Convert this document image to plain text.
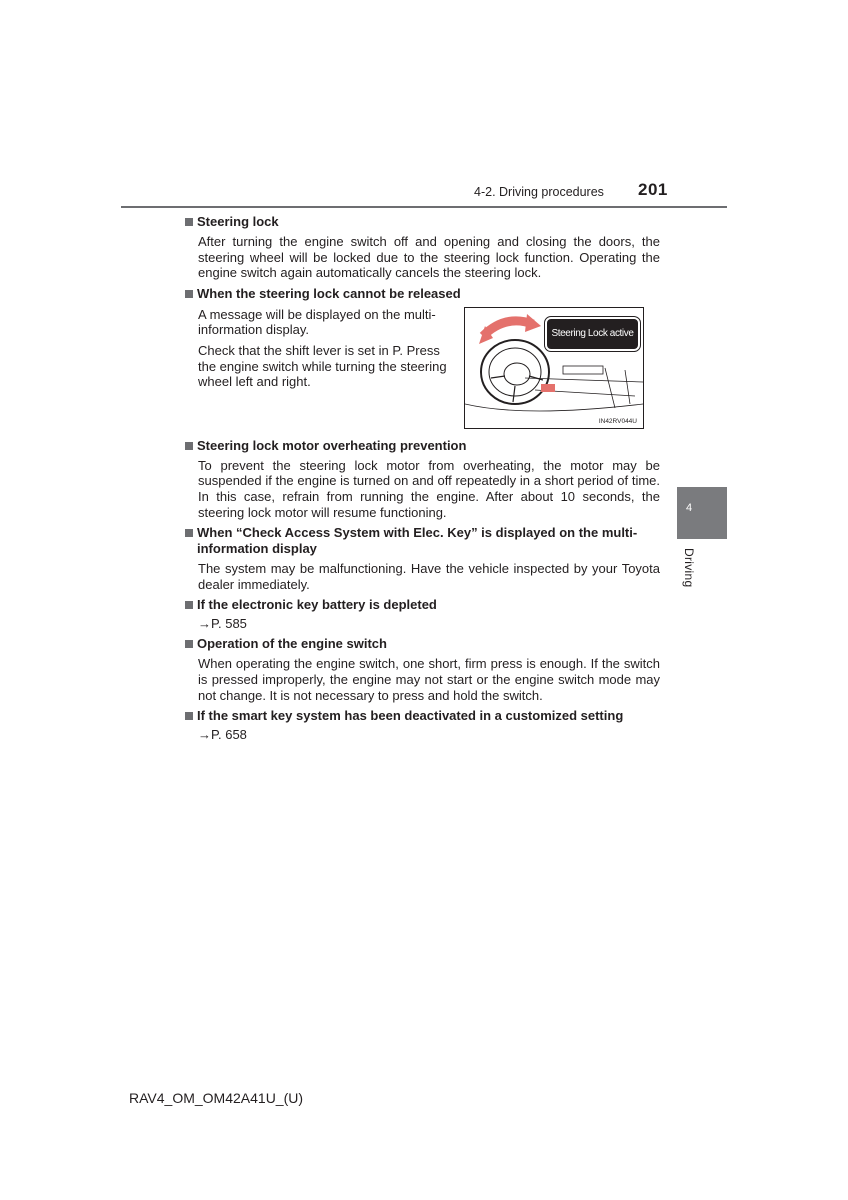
4-2. Driving procedures 201
4
Driving
Steering lock
After turning the engine switch off and opening and closing the doors, the steering wheel will be locked due to the steering lock function. Operating the engine switch again automatically cancels the steering lock.
When the steering lock cannot be released
A message will be displayed on the multi-information display.
Check that the shift lever is set in P. Press the engine switch while turning the steering wheel left and right.
Steering Lock active
IN42RV044U
Steering lock motor overheating prevention
To prevent the steering lock motor from overheating, the motor may be suspended if the engine is turned on and off repeatedly in a short period of time. In this case, refrain from running the engine. After about 10 seconds, the steering lock motor will resume functioning.
When “Check Access System with Elec. Key” is displayed on the multi-information display
The system may be malfunctioning. Have the vehicle inspected by your Toyota dealer immediately.
If the electronic key battery is depleted
→P. 585
Operation of the engine switch
When operating the engine switch, one short, firm press is enough. If the switch is pressed improperly, the engine may not start or the engine switch mode may not change. It is not necessary to press and hold the switch.
If the smart key system has been deactivated in a customized setting
→P. 658
RAV4_OM_OM42A41U_(U)
